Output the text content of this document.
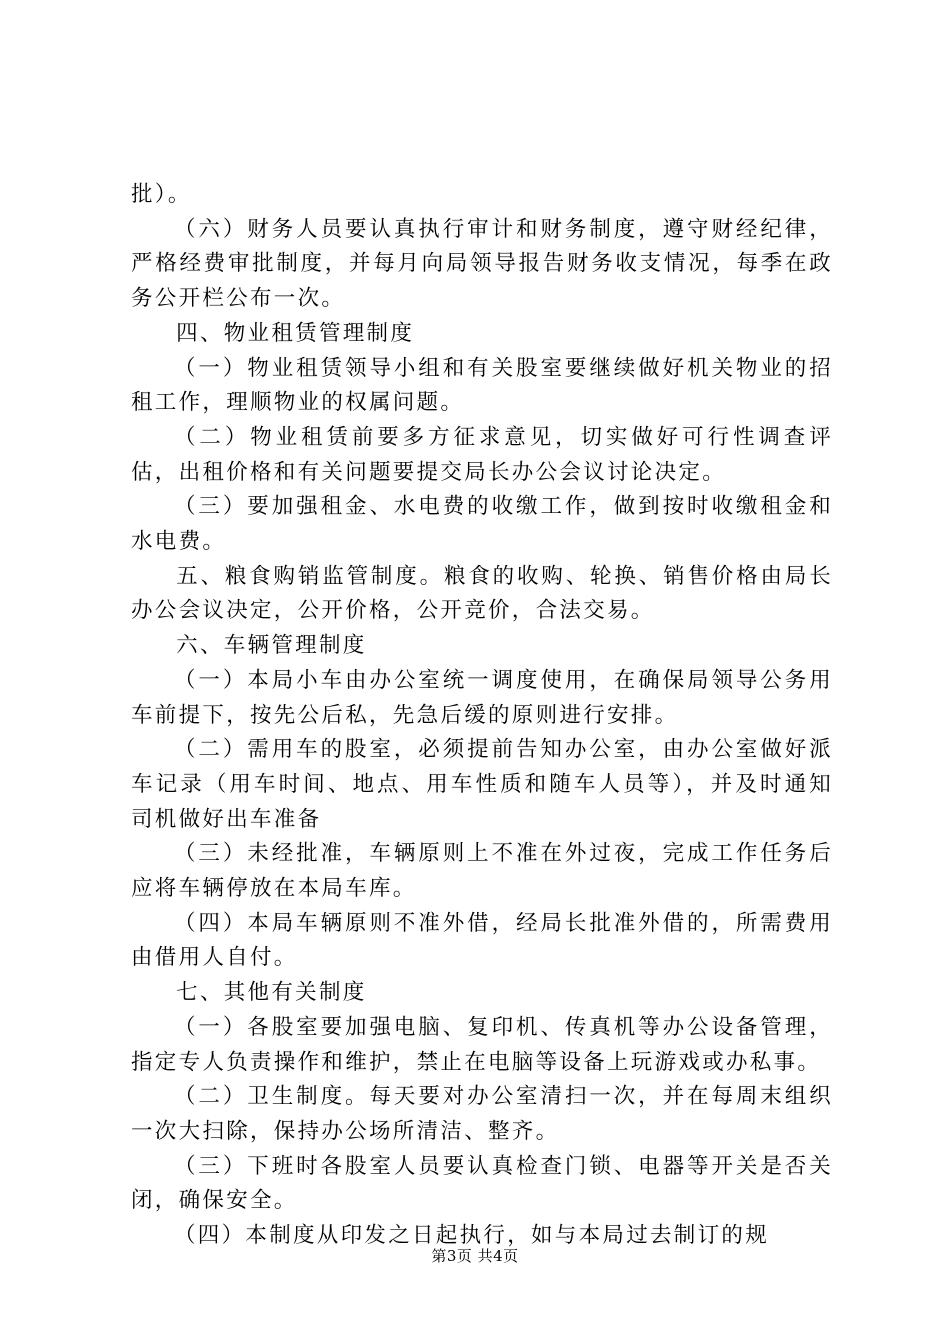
批）。

（六）财务人员要认真执行审计和财务制度，遵守财经纪律，严格经费审批制度，并每月向局领导报告财务收支情况，每季在政务公开栏公布一次。

四、物业租赁管理制度

（一）物业租赁领导小组和有关股室要继续做好机关物业的招租工作，理顺物业的权属问题。

（二）物业租赁前要多方征求意见，切实做好可行性调查评估，出租价格和有关问题要提交局长办公会议讨论决定。

（三）要加强租金、水电费的收缴工作，做到按时收缴租金和水电费。

五、粮食购销监管制度。粮食的收购、轮换、销售价格由局长办公会议决定，公开价格，公开竞价，合法交易。

六、车辆管理制度

（一）本局小车由办公室统一调度使用，在确保局领导公务用车前提下，按先公后私，先急后缓的原则进行安排。

（二）需用车的股室，必须提前告知办公室，由办公室做好派车记录（用车时间、地点、用车性质和随车人员等），并及时通知司机做好出车准备

（三）未经批准，车辆原则上不准在外过夜，完成工作任务后应将车辆停放在本局车库。

（四）本局车辆原则不准外借，经局长批准外借的，所需费用由借用人自付。

七、其他有关制度

（一）各股室要加强电脑、复印机、传真机等办公设备管理，指定专人负责操作和维护，禁止在电脑等设备上玩游戏或办私事。

（二）卫生制度。每天要对办公室清扫一次，并在每周末组织一次大扫除，保持办公场所清洁、整齐。

（三）下班时各股室人员要认真检查门锁、电器等开关是否关闭，确保安全。

（四）本制度从印发之日起执行，如与本局过去制订的规

第3页 共4页
